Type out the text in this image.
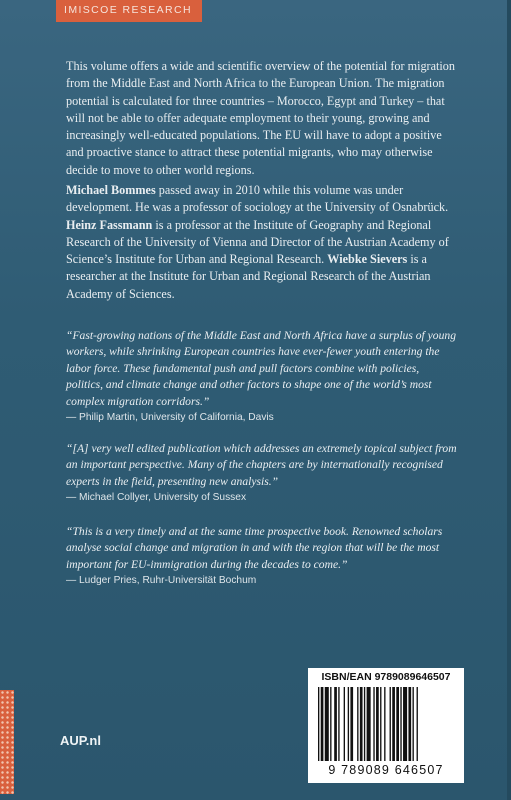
IMISCOE RESEARCH
This volume offers a wide and scientific overview of the potential for migration from the Middle East and North Africa to the European Union. The migration potential is calculated for three countries – Morocco, Egypt and Turkey – that will not be able to offer adequate employment to their young, growing and increasingly well-educated populations. The EU will have to adopt a positive and proactive stance to attract these potential migrants, who may otherwise decide to move to other world regions.
Michael Bommes passed away in 2010 while this volume was under development. He was a professor of sociology at the University of Osnabrück. Heinz Fassmann is a professor at the Institute of Geography and Regional Research of the University of Vienna and Director of the Austrian Academy of Science’s Institute for Urban and Regional Research. Wiebke Sievers is a researcher at the Institute for Urban and Regional Research of the Austrian Academy of Sciences.
“Fast-growing nations of the Middle East and North Africa have a surplus of young workers, while shrinking European countries have ever-fewer youth entering the labor force. These fundamental push and pull factors combine with policies, politics, and climate change and other factors to shape one of the world’s most complex migration corridors.”
— Philip Martin, University of California, Davis
“[A] very well edited publication which addresses an extremely topical subject from an important perspective. Many of the chapters are by internationally recognised experts in the field, presenting new analysis.”
— Michael Collyer, University of Sussex
“This is a very timely and at the same time prospective book. Renowned scholars analyse social change and migration in and with the region that will be the most important for EU-immigration during the decades to come.”
— Ludger Pries, Ruhr-Universität Bochum
AUP.nl
ISBN/EAN 9789089646507
9 789089 646507
